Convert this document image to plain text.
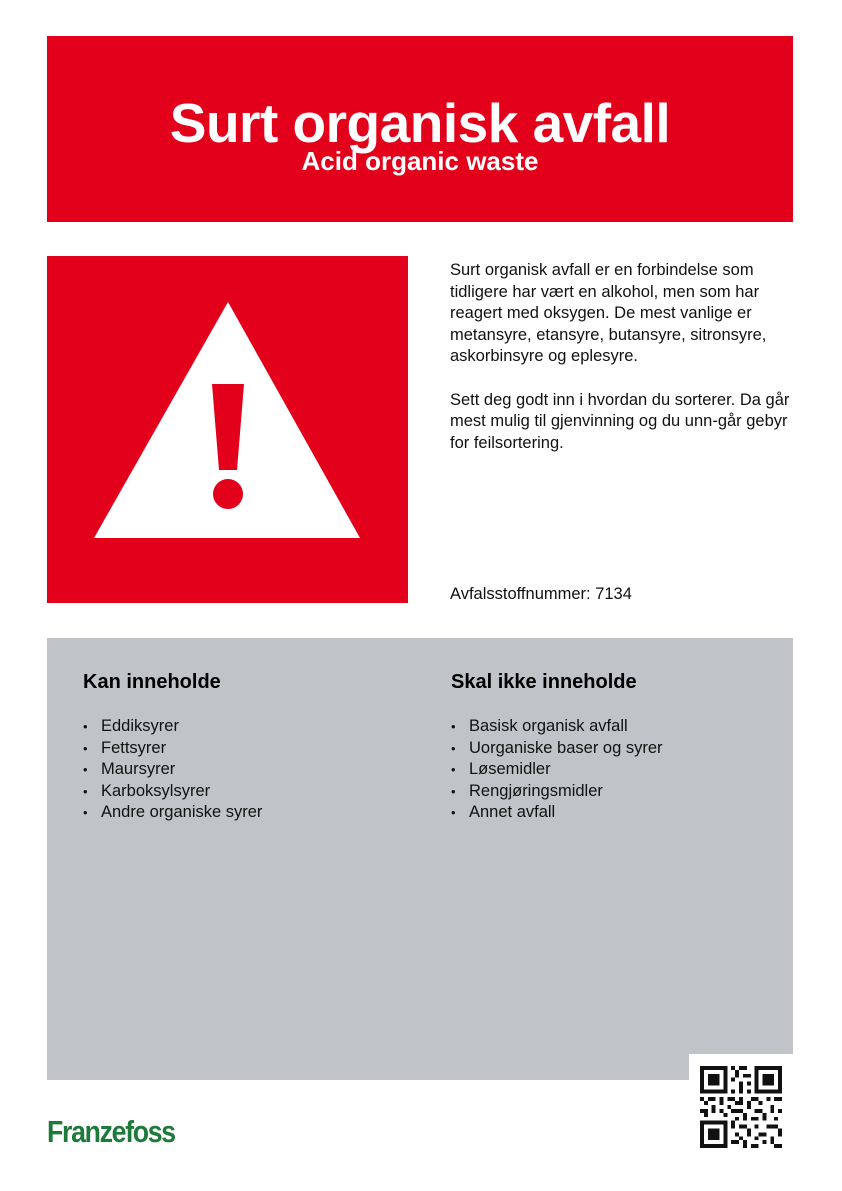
Surt organisk avfall
Acid organic waste

Surt organisk avfall er en forbindelse som tidligere har vært en alkohol, men som har reagert med oksygen. De mest vanlige er metansyre, etansyre, butansyre, sitronsyre, askorbinsyre og eplesyre.

Sett deg godt inn i hvordan du sorterer. Da går mest mulig til gjenvinning og du unn-går gebyr for feilsortering.

Avfalsstoffnummer: 7134
Kan inneholde
• Eddiksyrer
• Fettsyrer
• Maursyrer
• Karboksylsyrer
• Andre organiske syrer
Skal ikke inneholde
• Basisk organisk avfall
• Uorganiske baser og syrer
• Løsemidler
• Rengjøringsmidler
• Annet avfall
Franzefoss
